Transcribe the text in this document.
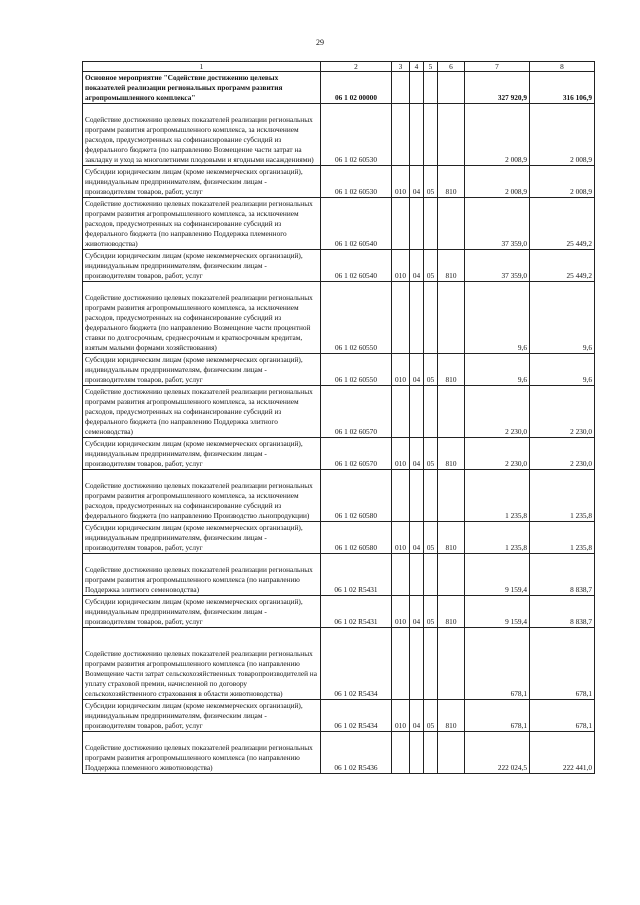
29
1	2	3	4	5	6	7	8
Основное мероприятие "Содействие достижению целевых показателей реализации региональных программ развития агропромышленного комплекса"	06 1 02 00000					327 920,9	316 106,9
Содействие достижению целевых показателей реализации региональных программ развития агропромышленного комплекса, за исключением расходов, предусмотренных на софинансирование субсидий из федерального бюджета (по направлению Возмещение части затрат на закладку и уход за многолетними плодовыми и ягодными насаждениями)	06 1 02 60530					2 008,9	2 008,9
Субсидии юридическим лицам (кроме некоммерческих организаций), индивидуальным предпринимателям, физическим лицам - производителям товаров, работ, услуг	06 1 02 60530	010	04	05	810	2 008,9	2 008,9
Содействие достижению целевых показателей реализации региональных программ развития агропромышленного комплекса, за исключением расходов, предусмотренных на софинансирование субсидий из федерального бюджета (по направлению Поддержка племенного животноводства)	06 1 02 60540					37 359,0	25 449,2
Субсидии юридическим лицам (кроме некоммерческих организаций), индивидуальным предпринимателям, физическим лицам - производителям товаров, работ, услуг	06 1 02 60540	010	04	05	810	37 359,0	25 449,2
Содействие достижению целевых показателей реализации региональных программ развития агропромышленного комплекса, за исключением расходов, предусмотренных на софинансирование субсидий из федерального бюджета (по направлению Возмещение части процентной ставки по долгосрочным, среднесрочным и краткосрочным кредитам, взятым малыми формами хозяйствования)	06 1 02 60550					9,6	9,6
Субсидии юридическим лицам (кроме некоммерческих организаций), индивидуальным предпринимателям, физическим лицам - производителям товаров, работ, услуг	06 1 02 60550	010	04	05	810	9,6	9,6
Содействие достижению целевых показателей реализации региональных программ развития агропромышленного комплекса, за исключением расходов, предусмотренных на софинансирование субсидий из федерального бюджета (по направлению Поддержка элитного семеноводства)	06 1 02 60570					2 230,0	2 230,0
Субсидии юридическим лицам (кроме некоммерческих организаций), индивидуальным предпринимателям, физическим лицам - производителям товаров, работ, услуг	06 1 02 60570	010	04	05	810	2 230,0	2 230,0
Содействие достижению целевых показателей реализации региональных программ развития агропромышленного комплекса, за исключением расходов, предусмотренных на софинансирование субсидий из федерального бюджета (по направлению Производство льнопродукции)	06 1 02 60580					1 235,8	1 235,8
Субсидии юридическим лицам (кроме некоммерческих организаций), индивидуальным предпринимателям, физическим лицам - производителям товаров, работ, услуг	06 1 02 60580	010	04	05	810	1 235,8	1 235,8
Содействие достижению целевых показателей реализации региональных программ развития агропромышленного комплекса (по направлению Поддержка элитного семеноводства)	06 1 02 R5431					9 159,4	8 838,7
Субсидии юридическим лицам (кроме некоммерческих организаций), индивидуальным предпринимателям, физическим лицам - производителям товаров, работ, услуг	06 1 02 R5431	010	04	05	810	9 159,4	8 838,7
Содействие достижению целевых показателей реализации региональных программ развития агропромышленного комплекса (по направлению Возмещение части затрат сельскохозяйственных товаропроизводителей на уплату страховой премии, начисленной по договору сельскохозяйственного страхования в области животноводства)	06 1 02 R5434					678,1	678,1
Субсидии юридическим лицам (кроме некоммерческих организаций), индивидуальным предпринимателям, физическим лицам - производителям товаров, работ, услуг	06 1 02 R5434	010	04	05	810	678,1	678,1
Содействие достижению целевых показателей реализации региональных программ развития агропромышленного комплекса (по направлению Поддержка племенного животноводства)	06 1 02 R5436					222 024,5	222 441,0
